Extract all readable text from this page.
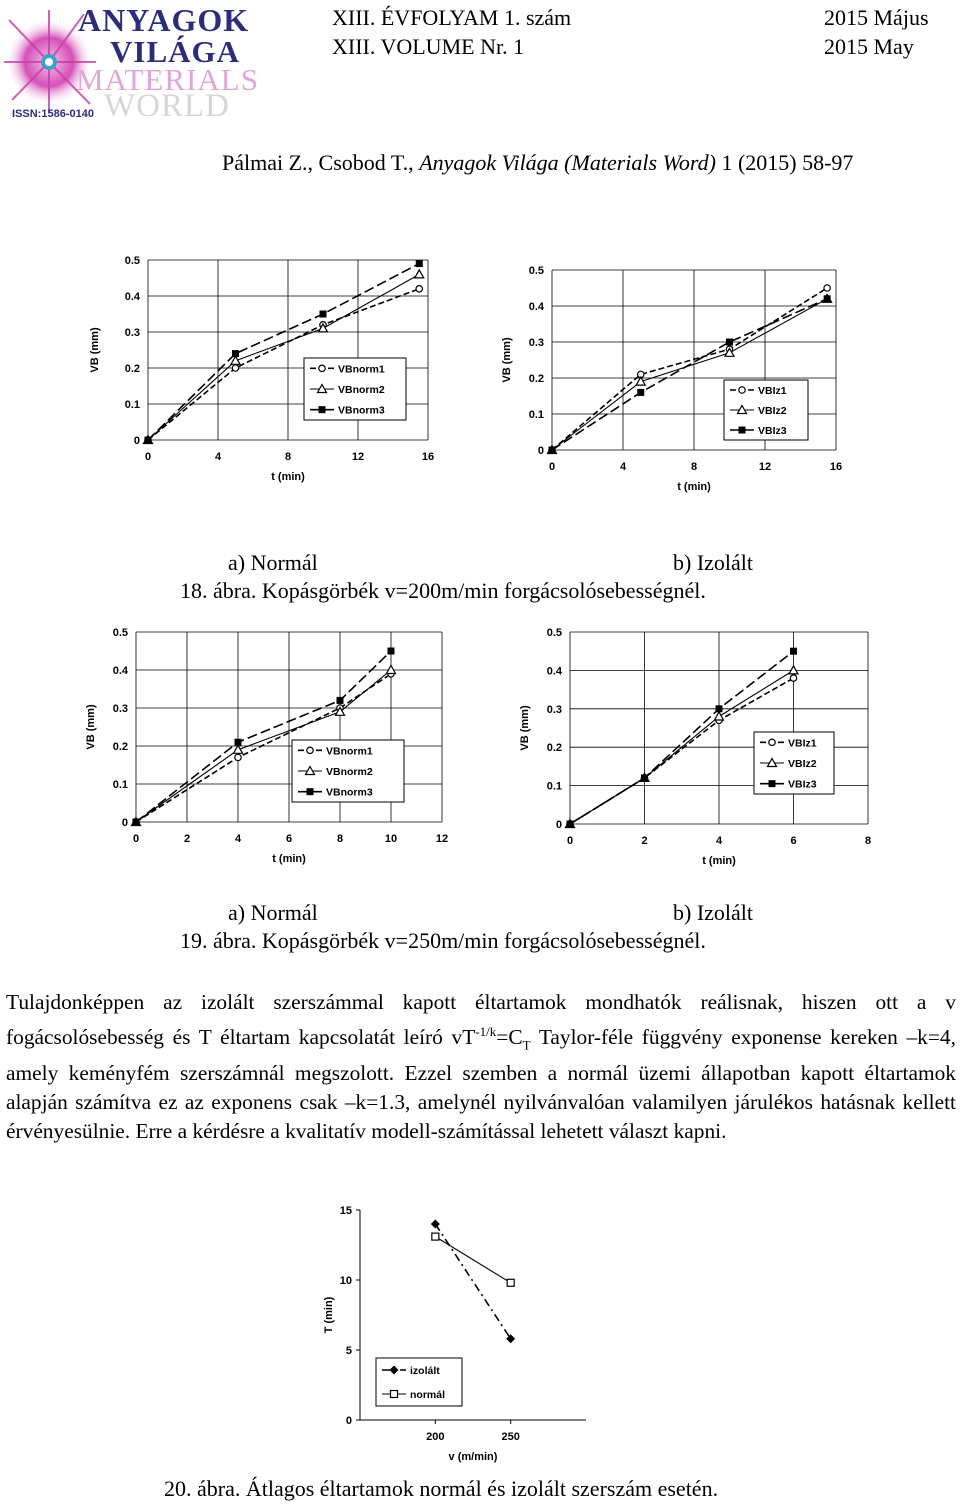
ANYAGOK
VILÁGA
MATERIALS
WORLD
ISSN:1586-0140
XIII. ÉVFOLYAM 1. szám	2015 Május
XIII. VOLUME Nr. 1	2015 May
Pálmai Z., Csobod T., Anyagok Világa (Materials Word) 1 (2015) 58-97
0
0.1
0.2
0.3
0.4
0.5
0	4	8	12	16
t (min)
VB (mm)	VBnorm1
VBnorm2
VBnorm3
0
0.1
0.2
0.3
0.4
0.5
0	4	8	12	16
t (min)
VB (mm)
VBIz1
VBIz2
VBIz3
a) Normál	b) Izolált
18. ábra. Kopásgörbék v=200m/min forgácsolósebességnél.
0
0.1
0.2
0.3
0.4
0.5
0	2	4	6	8	10	12
t (min)
VB (mm)
VBnorm1
VBnorm2
VBnorm3
0
0.1
0.2
0.3
0.4
0.5
0	2	4	6	8
t (min)
VB (mm)	VBIz1
VBIz2
VBIz3
a) Normál	b) Izolált
19. ábra. Kopásgörbék v=250m/min forgácsolósebességnél.

Tulajdonképpen az izolált szerszámmal kapott éltartamok mondhatók reálisnak, hiszen ott a v fogácsolósebesség és T éltartam kapcsolatát leíró $vT^{-1/k}=C_T$ Taylor-féle függvény exponense kereken –k=4, amely keményfém szerszámnál megszolott. Ezzel szemben a normál üzemi állapotban kapott éltartamok alapján számítva ez az exponens csak –k=1.3, amelynél nyilvánvalóan valamilyen járulékos hatásnak kellett érvényesülnie. Erre a kérdésre a kvalitatív modell-számítással lehetett választ kapni.

0
5
10
15
200	250
v (m/min)
T (min)
izolált
normál
20. ábra. Átlagos éltartamok normál és izolált szerszám esetén.
